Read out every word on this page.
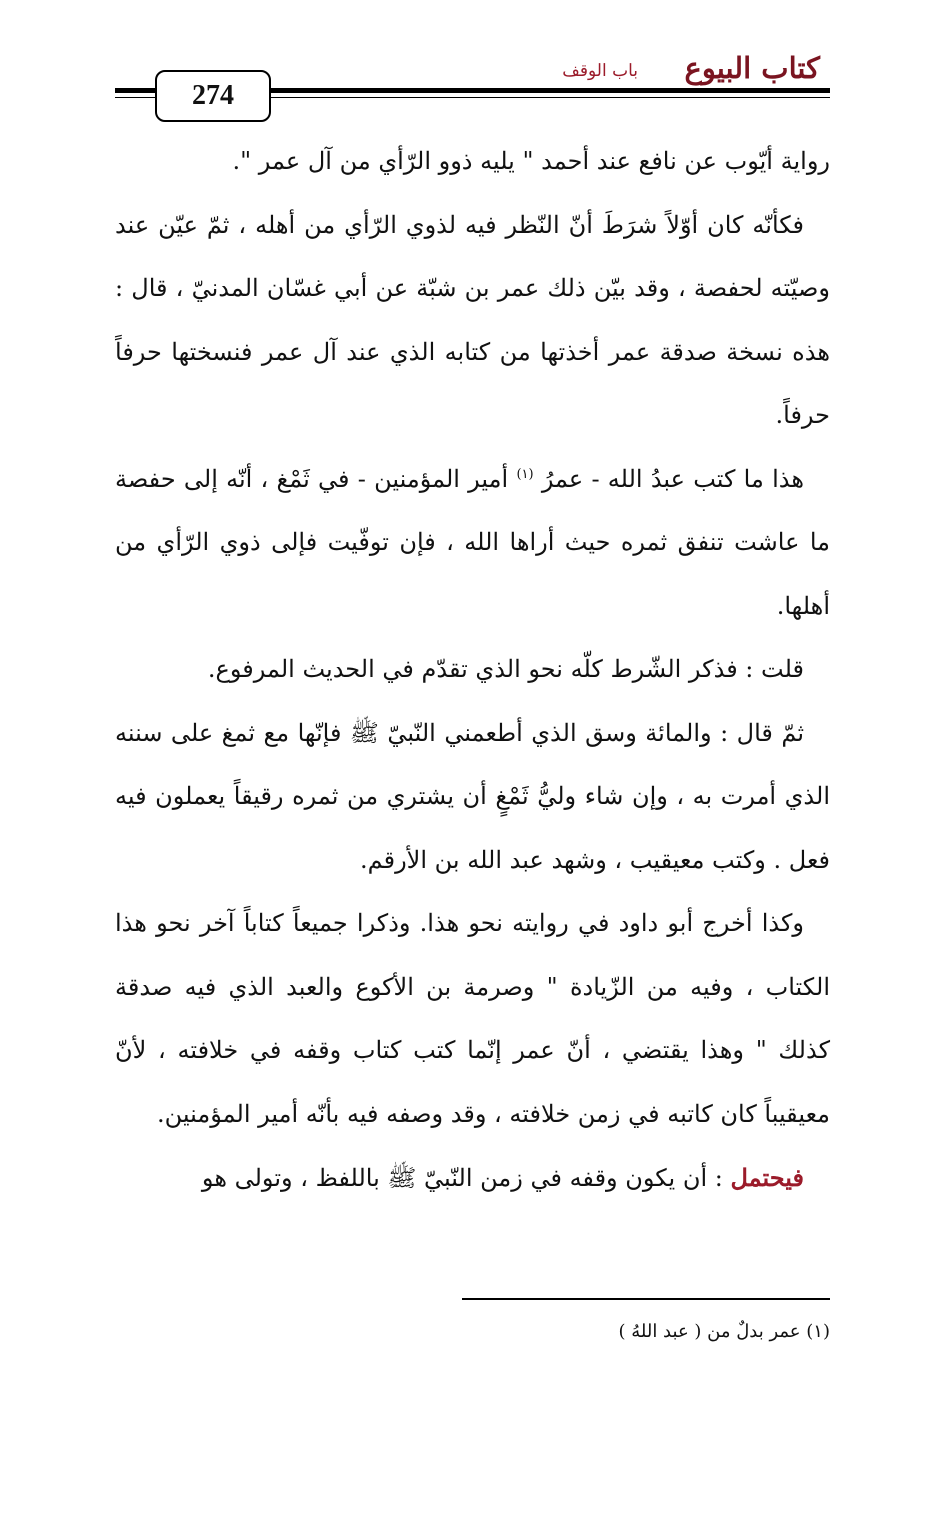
كتاب البيوع
باب الوقف
274

رواية أيّوب عن نافع عند أحمد " يليه ذوو الرّأي من آل عمر ".

فكأنّه كان أوّلاً شرَطَ أنّ النّظر فيه لذوي الرّأي من أهله ، ثمّ عيّن عند وصيّته لحفصة ، وقد بيّن ذلك عمر بن شبّة عن أبي غسّان المدنيّ ، قال : هذه نسخة صدقة عمر أخذتها من كتابه الذي عند آل عمر فنسختها حرفاً حرفاً.

هذا ما كتب عبدُ الله - عمرُ $^{(١)}$ أمير المؤمنين - في ثَمْغ ، أنّه إلى حفصة ما عاشت تنفق ثمره حيث أراها الله ، فإن توفّيت فإلى ذوي الرّأي من أهلها.

قلت : فذكر الشّرط كلّه نحو الذي تقدّم في الحديث المرفوع.

ثمّ قال : والمائة وسق الذي أطعمني النّبيّ ﷺ فإنّها مع ثمغ على سننه الذي أمرت به ، وإن شاء وليُّ ثَمْغٍ أن يشتري من ثمره رقيقاً يعملون فيه فعل . وكتب معيقيب ، وشهد عبد الله بن الأرقم.

وكذا أخرج أبو داود في روايته نحو هذا. وذكرا جميعاً كتاباً آخر نحو هذا الكتاب ، وفيه من الزّيادة " وصرمة بن الأكوع والعبد الذي فيه صدقة كذلك " وهذا يقتضي ، أنّ عمر إنّما كتب كتاب وقفه في خلافته ، لأنّ معيقيباً كان كاتبه في زمن خلافته ، وقد وصفه فيه بأنّه أمير المؤمنين.

فيحتمل : أن يكون وقفه في زمن النّبيّ ﷺ باللفظ ، وتولى هو

(١) عمر بدلٌ من ( عبد اللهُ )
